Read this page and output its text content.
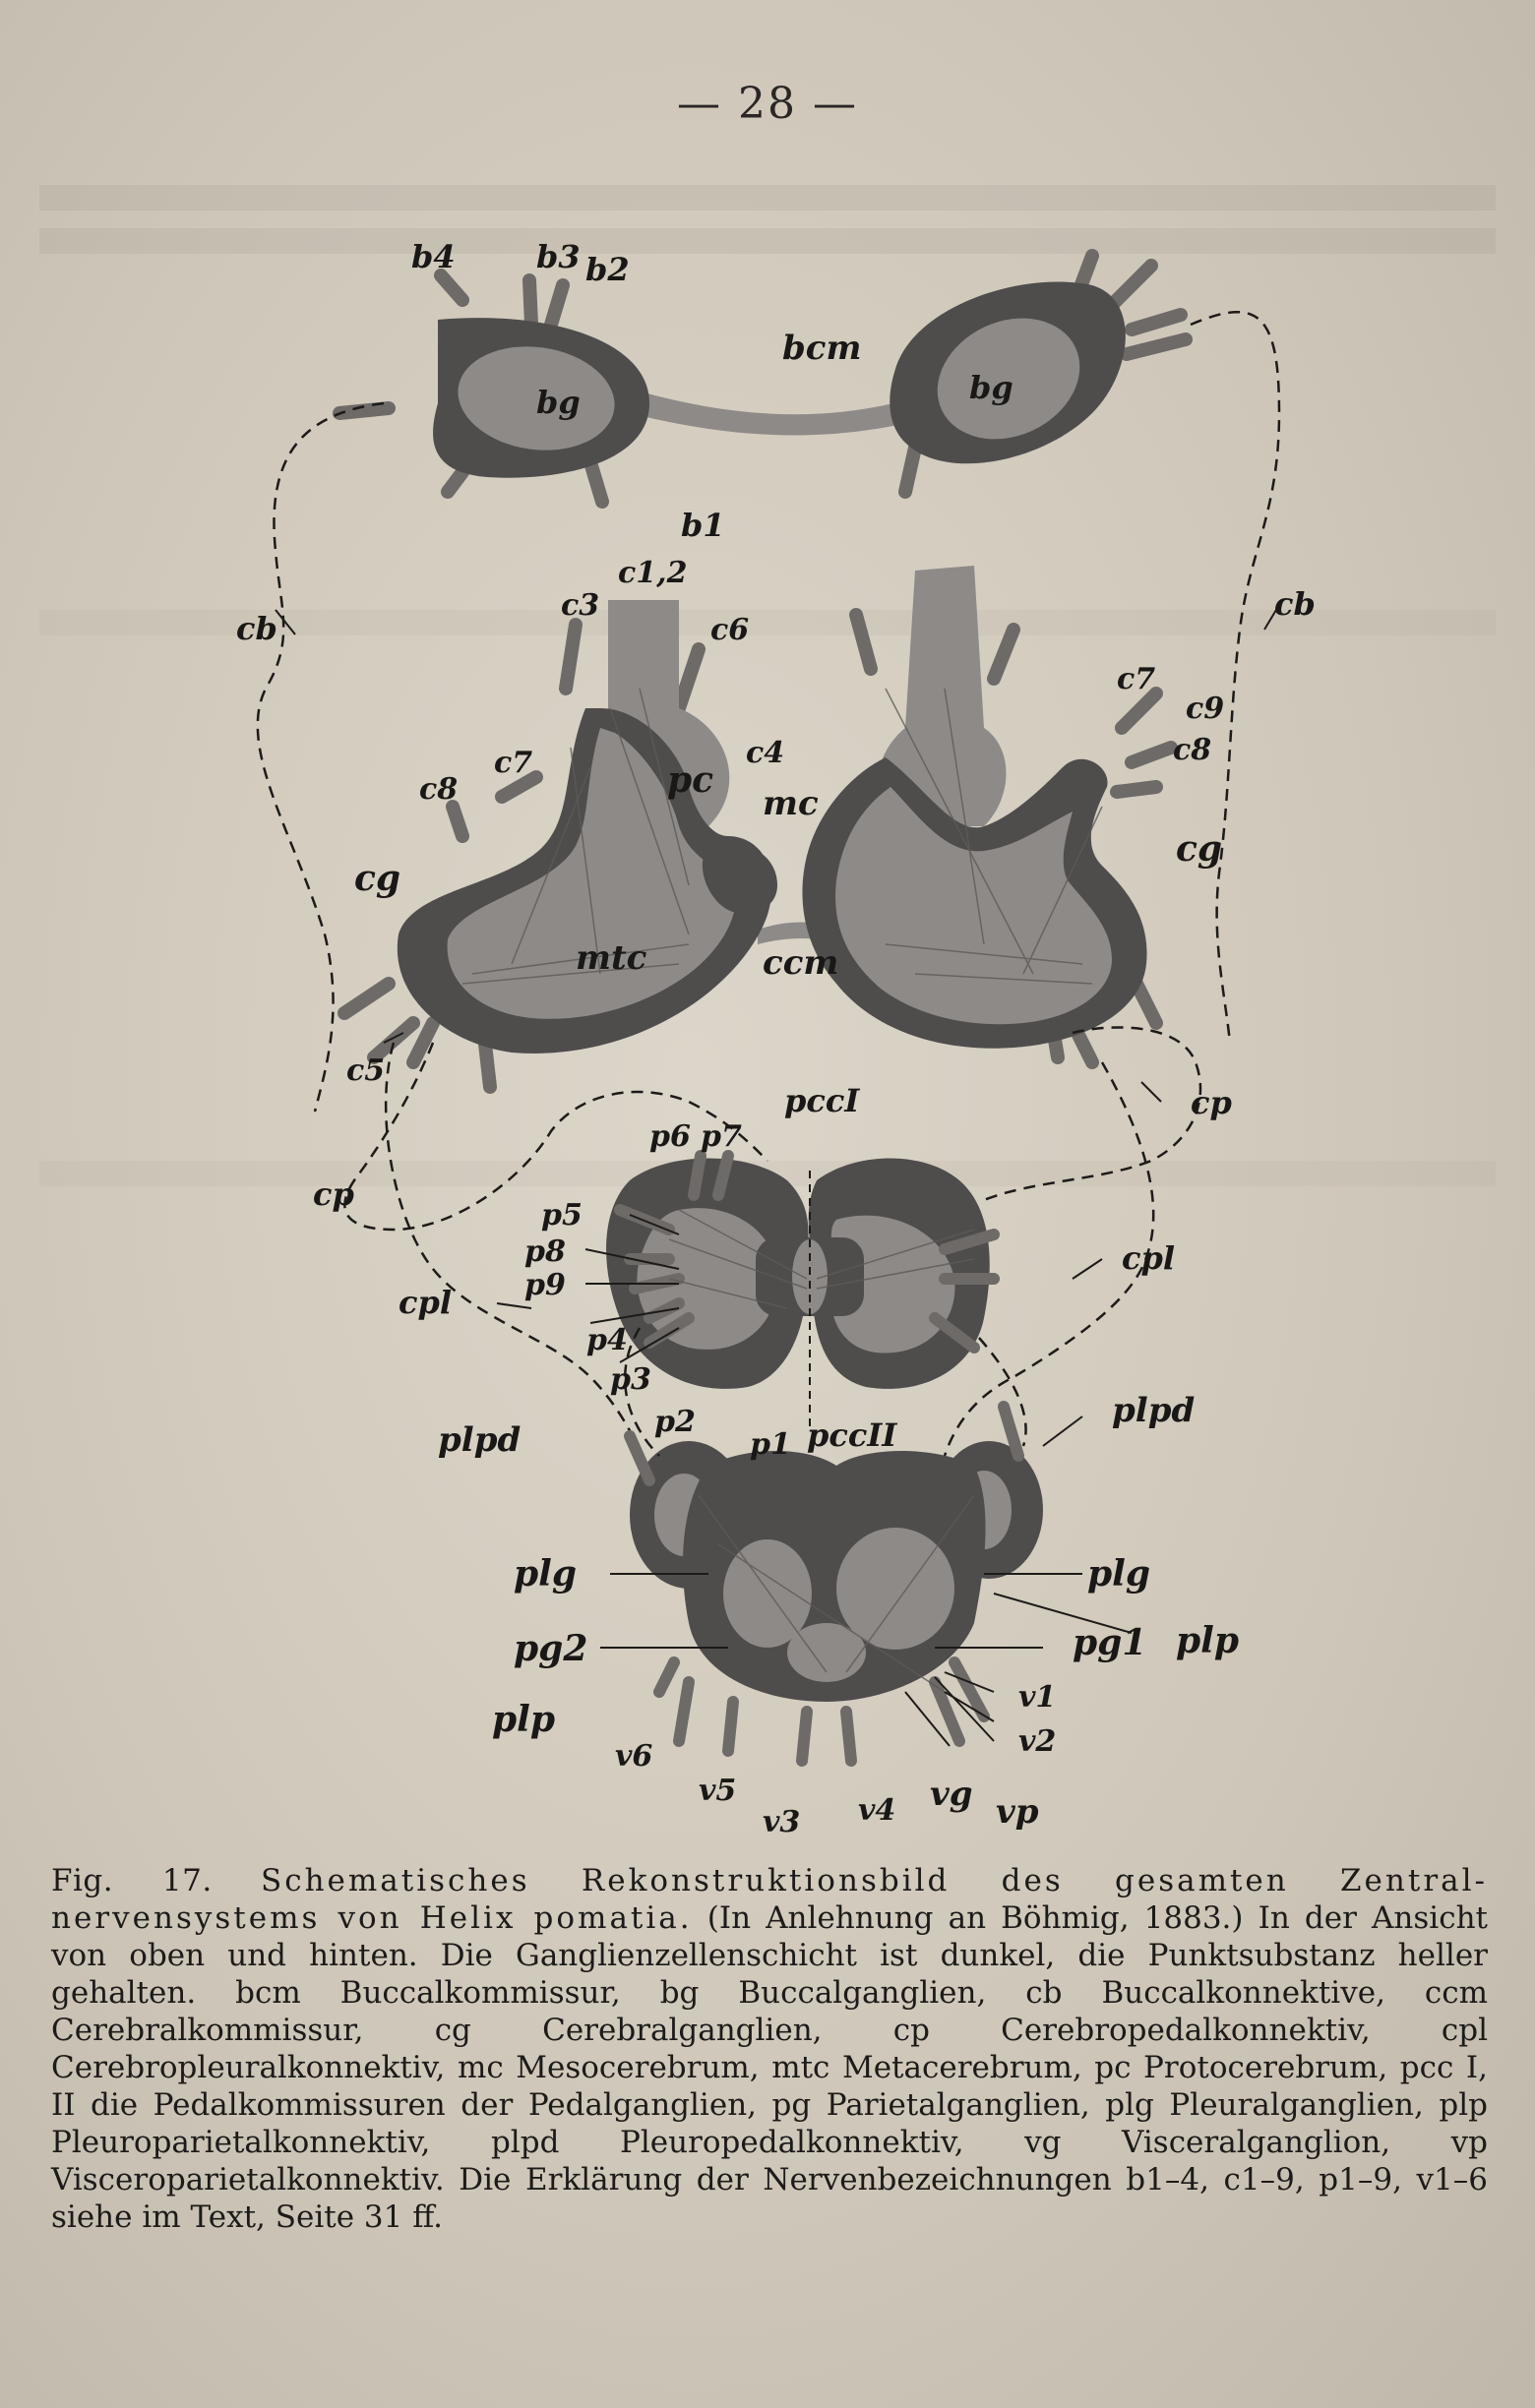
— 28 —
bcm
bg	bg
b4	b3 b2
b1
cb
cb
c1,2
c3
c6
c4
c7
c8
c7
c9
c8
pc
mc
cg
cg
mtc	ccm
c5
cp
cp
pccI
pccII
p6 p7
p5
p8
p9
p4
p3
p2
p1
cpl
cpl
plpd
plpd
plg	plg
pg2	pg1
plp
plp
v1
v2
v3 v4
v5
v6
vg vp
Fig. 17. Schematisches Rekonstruktionsbild des gesamten Zentral-nervensystems von Helix pomatia. (In Anlehnung an Böhmig, 1883.) In der Ansicht von oben und hinten. Die Ganglienzellenschicht ist dunkel, die Punktsubstanz heller gehalten. bcm Buccalkommissur, bg Buccalganglien, cb Buccalkonnektive, ccm Cerebralkommissur, cg Cerebralganglien, cp Cerebropedalkonnektiv, cpl Cerebropleuralkonnektiv, mc Mesocerebrum, mtc Metacerebrum, pc Protocerebrum, pcc I, II die Pedalkommissuren der Pedalganglien, pg Parietalganglien, plg Pleuralganglien, plp Pleuroparietalkonnektiv, plpd Pleuropedalkonnektiv, vg Visceralganglion, vp Visceroparietalkonnektiv. Die Erklärung der Nervenbezeichnungen b1–4, c1–9, p1–9, v1–6 siehe im Text, Seite 31 ff.
